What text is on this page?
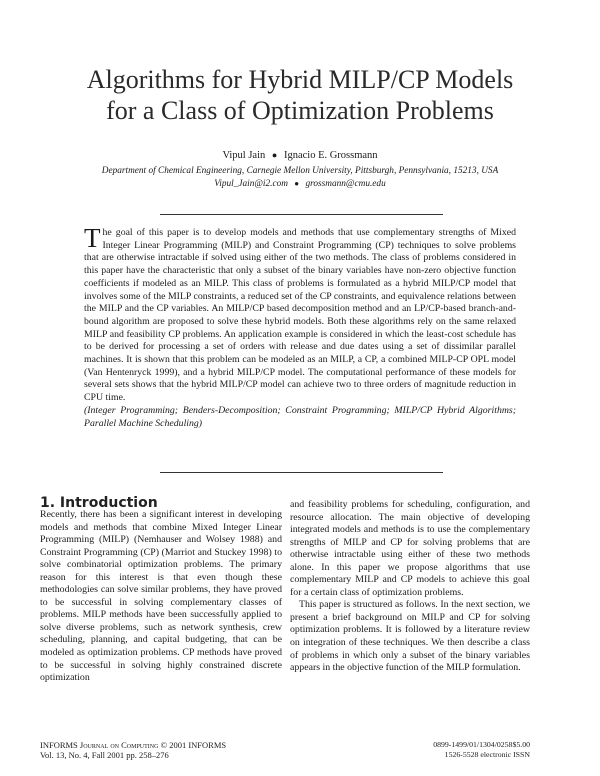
Algorithms for Hybrid MILP/CP Models
for a Class of Optimization Problems
Vipul Jain ● Ignacio E. Grossmann
Department of Chemical Engineering, Carnegie Mellon University, Pittsburgh, Pennsylvania, 15213, USA
Vipul_Jain@i2.com ● grossmann@cmu.edu
The goal of this paper is to develop models and methods that use complementary strengths of Mixed Integer Linear Programming (MILP) and Constraint Programming (CP) techniques to solve problems that are otherwise intractable if solved using either of the two methods. The class of problems considered in this paper have the characteristic that only a subset of the binary variables have non-zero objective function coefficients if modeled as an MILP. This class of problems is formulated as a hybrid MILP/CP model that involves some of the MILP constraints, a reduced set of the CP constraints, and equivalence relations between the MILP and the CP variables. An MILP/CP based decomposition method and an LP/CP-based branch-and-bound algorithm are proposed to solve these hybrid models. Both these algorithms rely on the same relaxed MILP and feasibility CP problems. An application example is considered in which the least-cost schedule has to be derived for processing a set of orders with release and due dates using a set of dissimilar parallel machines. It is shown that this problem can be modeled as an MILP, a CP, a combined MILP-CP OPL model (Van Hentenryck 1999), and a hybrid MILP/CP model. The computational performance of these models for several sets shows that the hybrid MILP/CP model can achieve two to three orders of magnitude reduction in CPU time.
(Integer Programming; Benders-Decomposition; Constraint Programming; MILP/CP Hybrid Algorithms; Parallel Machine Scheduling)
1. Introduction

Recently, there has been a significant interest in developing models and methods that combine Mixed Integer Linear Programming (MILP) (Nemhauser and Wolsey 1988) and Constraint Programming (CP) (Marriot and Stuckey 1998) to solve combinatorial optimization problems. The primary reason for this interest is that even though these methodologies can solve similar problems, they have proved to be successful in solving complementary classes of problems. MILP methods have been successfully applied to solve diverse problems, such as network synthesis, crew scheduling, planning, and capital budgeting, that can be modeled as optimization problems. CP methods have proved to be successful in solving highly constrained discrete optimization

and feasibility problems for scheduling, configuration, and resource allocation. The main objective of developing integrated models and methods is to use the complementary strengths of MILP and CP for solving problems that are otherwise intractable using either of these two methods alone. In this paper we propose algorithms that use complementary MILP and CP models to achieve this goal for a certain class of optimization problems.

This paper is structured as follows. In the next section, we present a brief background on MILP and CP for solving optimization problems. It is followed by a literature review on integration of these techniques. We then describe a class of problems in which only a subset of the binary variables appears in the objective function of the MILP formulation.

INFORMS Journal on Computing © 2001 INFORMS
Vol. 13, No. 4, Fall 2001 pp. 258–276
0899-1499/01/1304/0258$5.00
1526-5528 electronic ISSN
